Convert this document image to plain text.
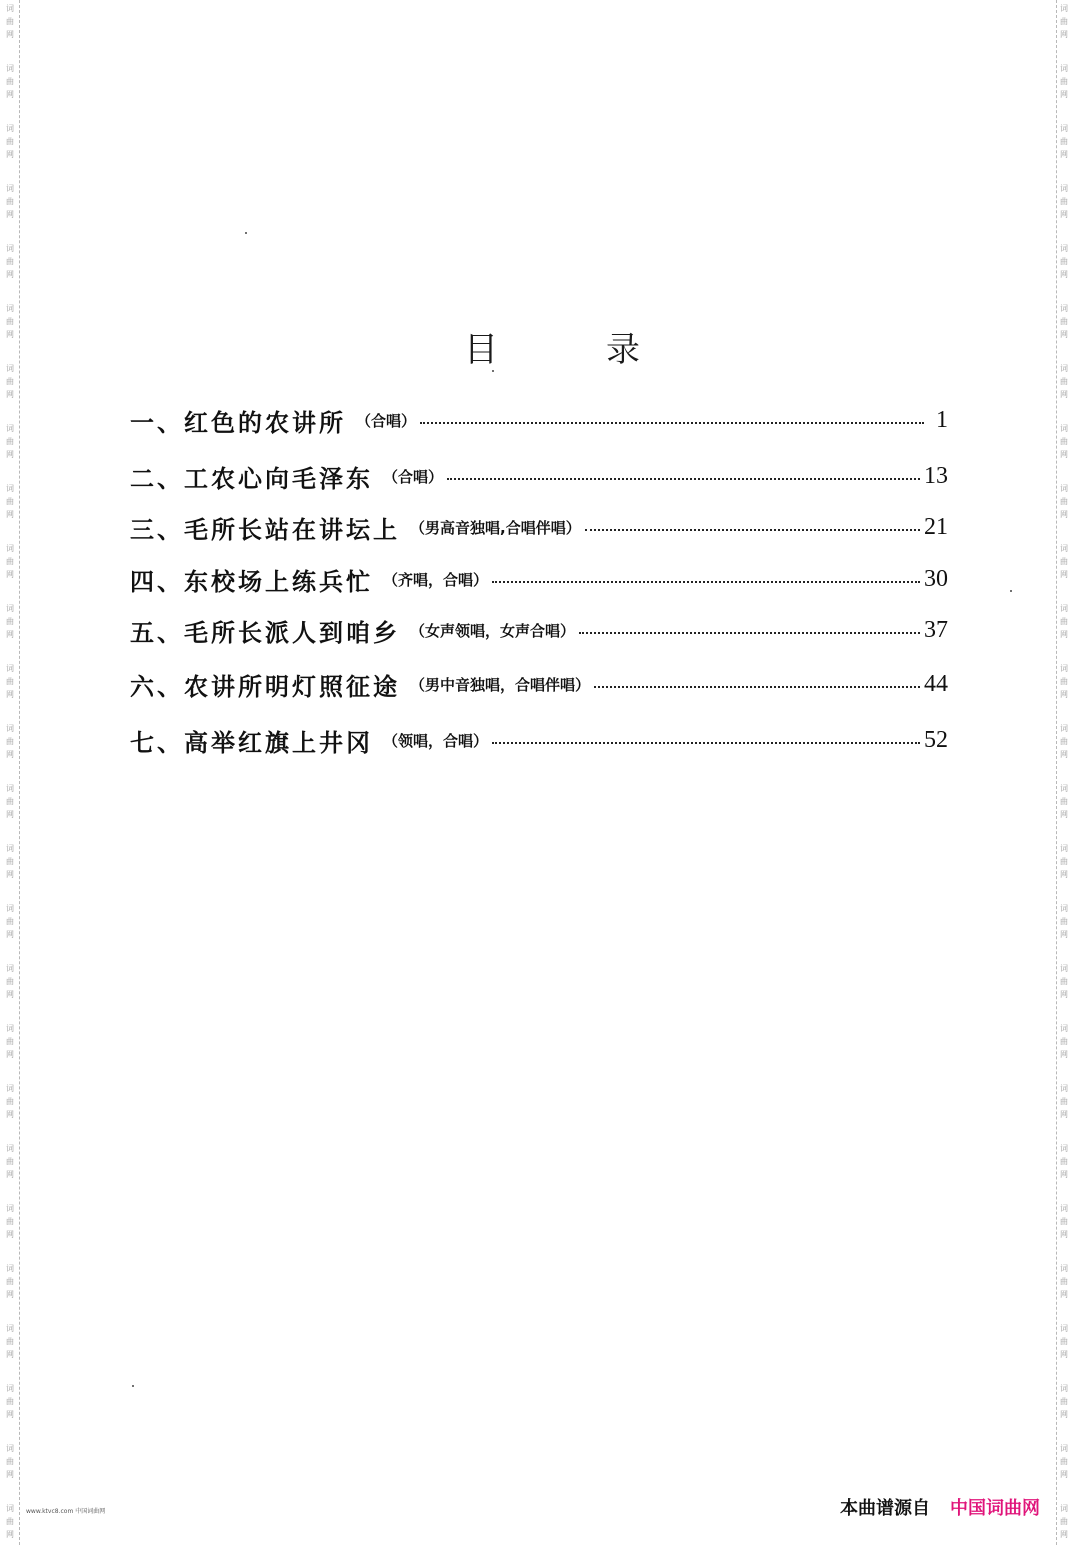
词
曲
网
词
曲
网
词
曲
网
词
曲
网
词
曲
网
词
曲
网
词
曲
网
词
曲
网
词
曲
网
词
曲
网
词
曲
网
词
曲
网
词
曲
网
词
曲
网
词
曲
网
词
曲
网
词
曲
网
词
曲
网
词
曲
网
词
曲
网
词
曲
网
词
曲
网
词
曲
网
词
曲
网
词
曲
网
词
曲
网
词
曲
网
词
曲
网
词
曲
网
词
曲
网
词
曲
网
词
曲
网
词
曲
网
词
曲
网
词
曲
网
词
曲
网
词
曲
网
词
曲
网
词
曲
网
词
曲
网
词
曲
网
词
曲
网
词
曲
网
词
曲
网
词
曲
网
词
曲
网
词
曲
网
词
曲
网
词
曲
网
词
曲
网
词
曲
网
词
曲
网
目录
一、红色的农讲所 （合唱）	1
二、工农心向毛泽东 （合唱）	13
三、毛所长站在讲坛上 （男高音独唱,合唱伴唱）	21
四、东校场上练兵忙 （齐唱，合唱）	30
五、毛所长派人到咱乡 （女声领唱，女声合唱）	37
六、农讲所明灯照征途 （男中音独唱，合唱伴唱）	44
七、高举红旗上井冈 （领唱，合唱）	52
www.ktvc8.com 中国词曲网	本曲谱源自 中国词曲网
